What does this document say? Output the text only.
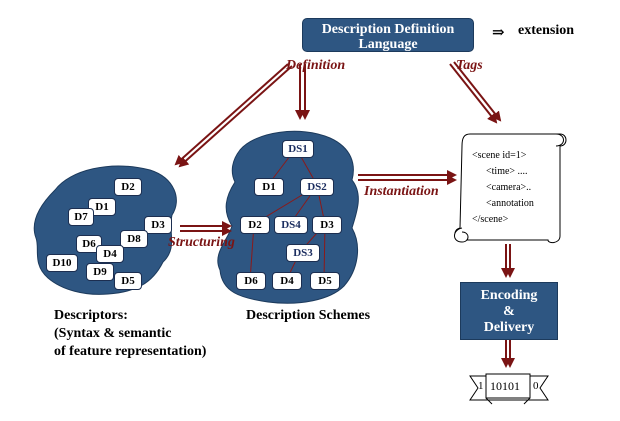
Description Definition
Language
⇒ extension
Definition	Tags
Instantiation
Structuring
D2
D1
D7
D3
D8
D6
D4
D10
D9
D5
DS1
D1	DS2
D2	DS4	D3
DS3
D6	D4	D5
Descriptors:
(Syntax & semantic
of feature representation)
Description Schemes
<scene id=1>
<time> ....
<camera>..
<annotation
</scene>
Encoding
&
Delivery
1 10101 0
